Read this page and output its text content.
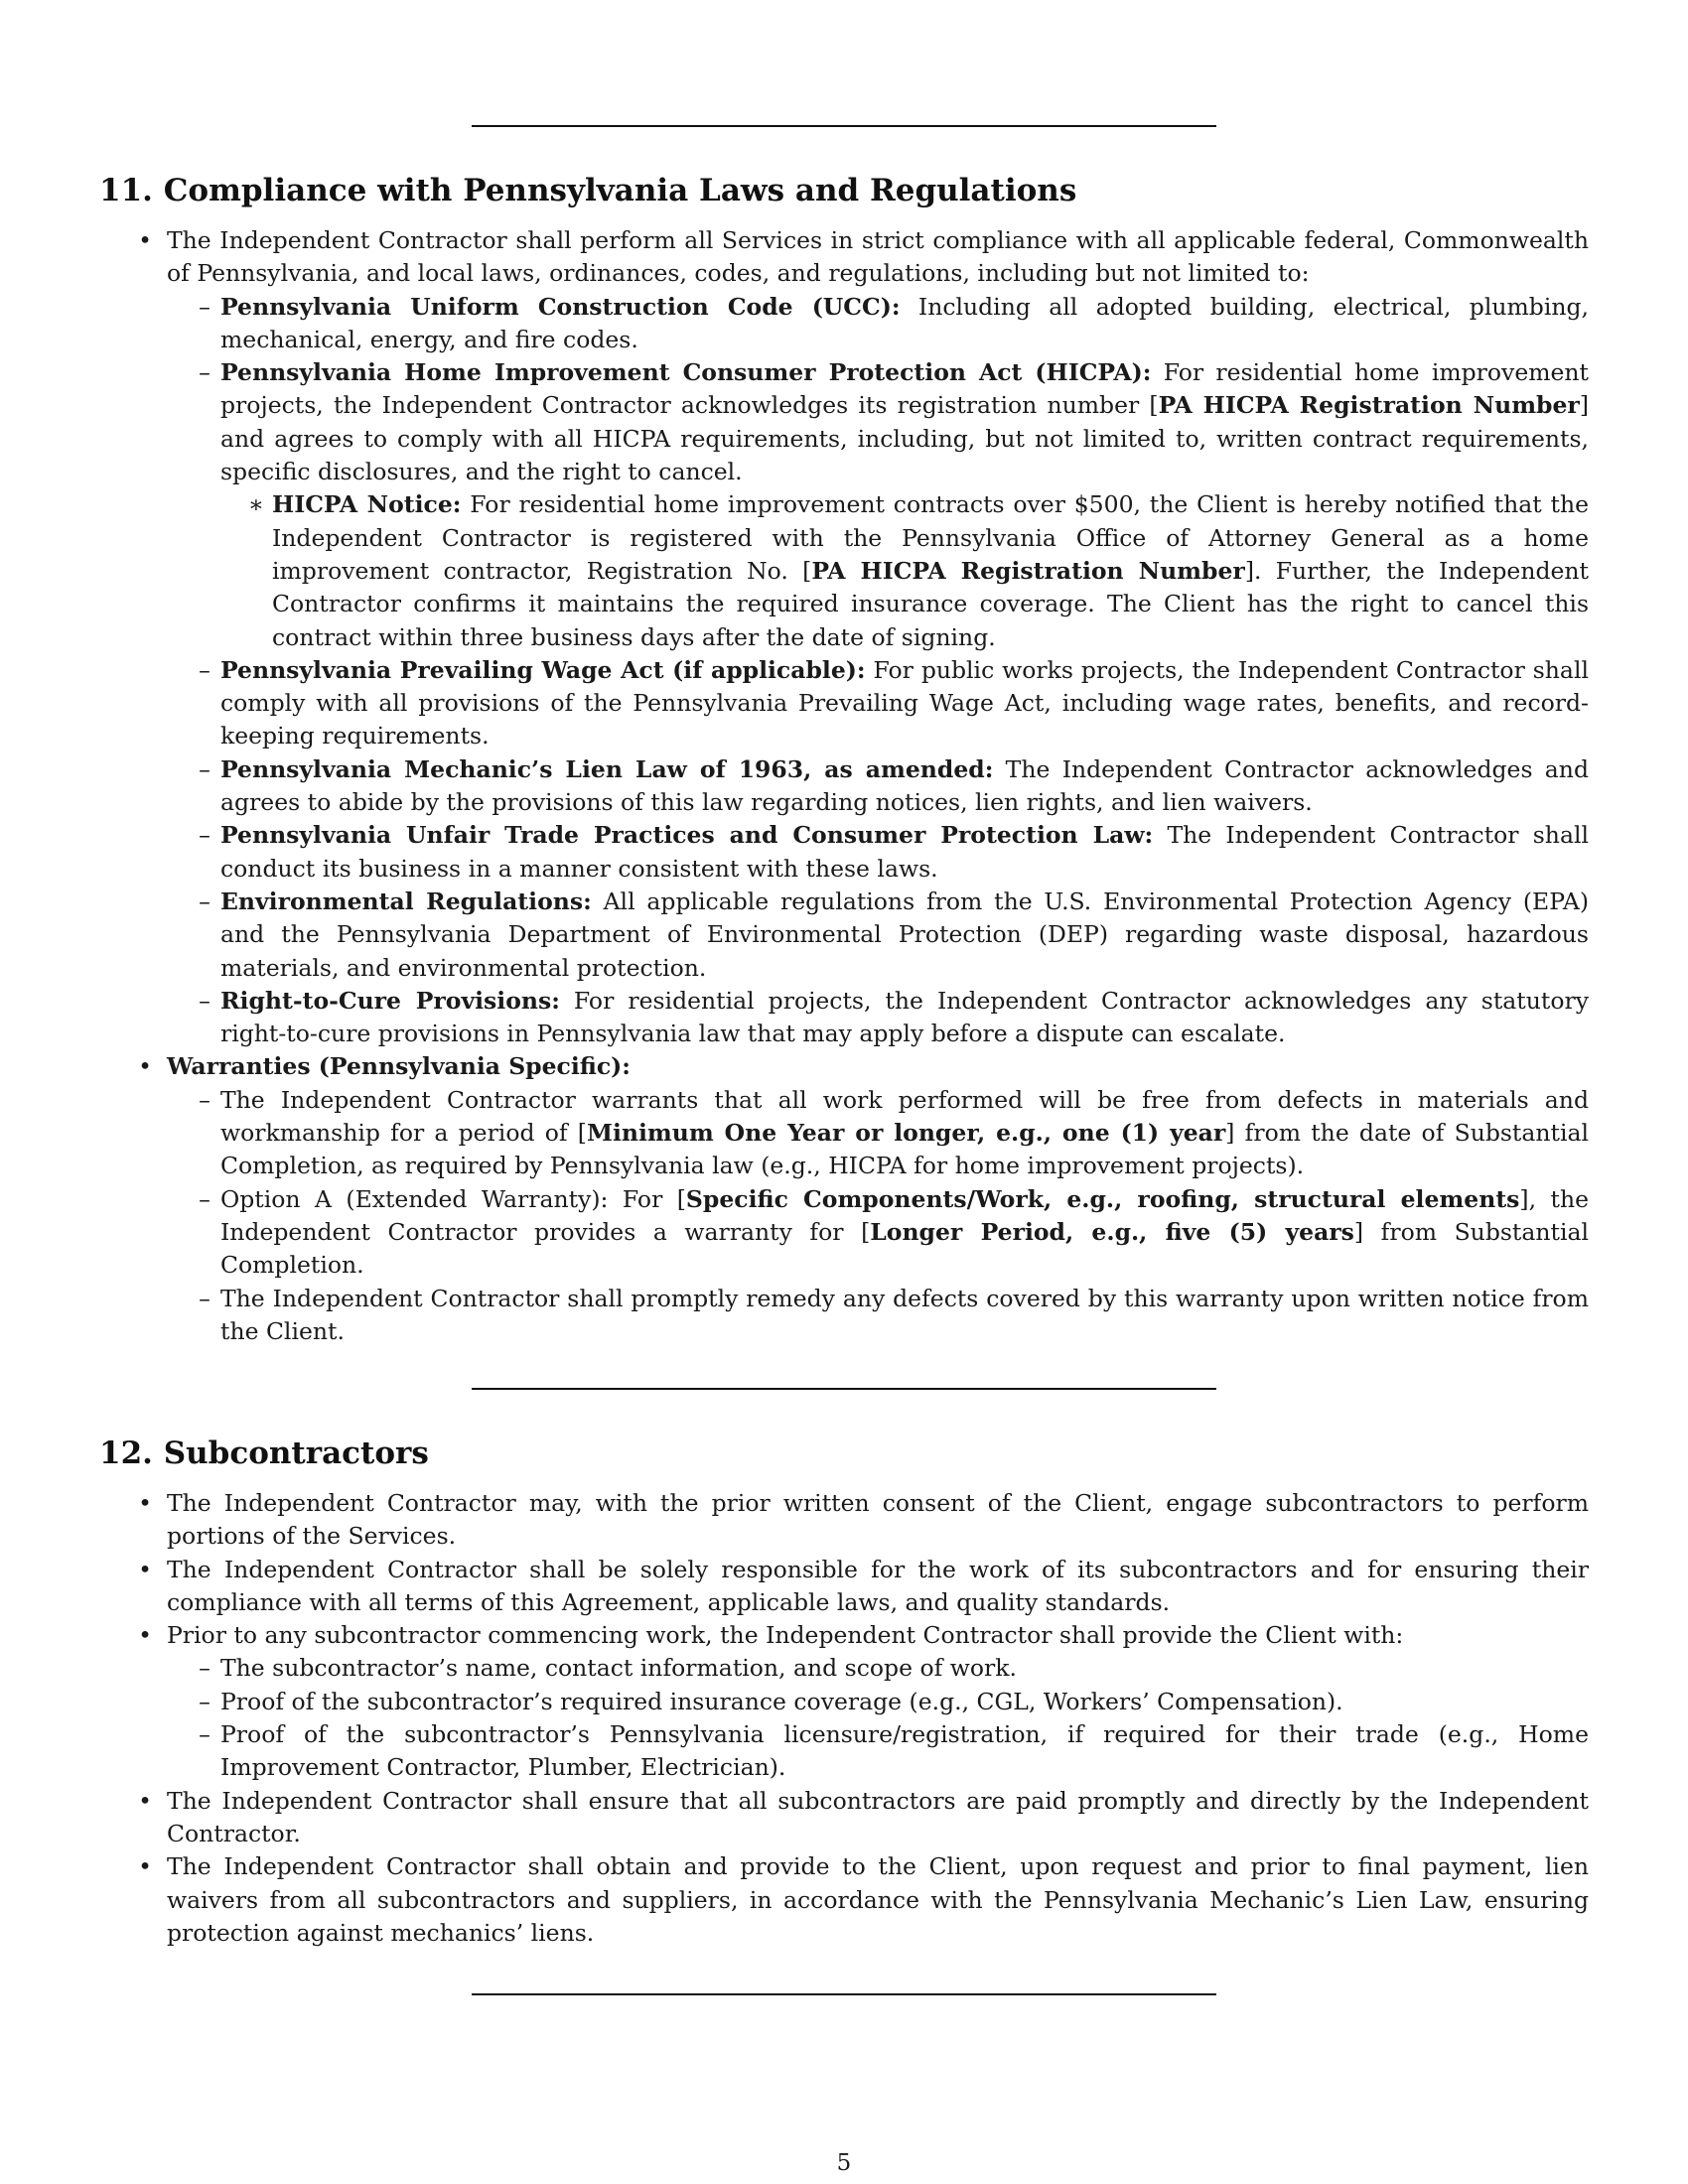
11. Compliance with Pennsylvania Laws and Regulations
• The Independent Contractor shall perform all Services in strict compliance with all applicable federal, Commonwealth of Pennsylvania, and local laws, ordinances, codes, and regulations, including but not limited to:
– Pennsylvania Uniform Construction Code (UCC): Including all adopted building, electrical, plumbing, mechanical, energy, and fire codes.
– Pennsylvania Home Improvement Consumer Protection Act (HICPA): For residential home improvement projects, the Independent Contractor acknowledges its registration number [PA HICPA Registration Number] and agrees to comply with all HICPA requirements, including, but not limited to, written contract requirements, specific disclosures, and the right to cancel.
∗ HICPA Notice: For residential home improvement contracts over $500, the Client is hereby notified that the Independent Contractor is registered with the Pennsylvania Office of Attorney General as a home improvement contractor, Registration No. [PA HICPA Registration Number]. Further, the Independent Contractor confirms it maintains the required insurance coverage. The Client has the right to cancel this contract within three business days after the date of signing.
– Pennsylvania Prevailing Wage Act (if applicable): For public works projects, the Independent Contractor shall comply with all provisions of the Pennsylvania Prevailing Wage Act, including wage rates, benefits, and record-keeping requirements.
– Pennsylvania Mechanic’s Lien Law of 1963, as amended: The Independent Contractor acknowledges and agrees to abide by the provisions of this law regarding notices, lien rights, and lien waivers.
– Pennsylvania Unfair Trade Practices and Consumer Protection Law: The Independent Contractor shall conduct its business in a manner consistent with these laws.
– Environmental Regulations: All applicable regulations from the U.S. Environmental Protection Agency (EPA) and the Pennsylvania Department of Environmental Protection (DEP) regarding waste disposal, hazardous materials, and environmental protection.
– Right-to-Cure Provisions: For residential projects, the Independent Contractor acknowledges any statutory right-to-cure provisions in Pennsylvania law that may apply before a dispute can escalate.
• Warranties (Pennsylvania Specific):
– The Independent Contractor warrants that all work performed will be free from defects in materials and workmanship for a period of [Minimum One Year or longer, e.g., one (1) year] from the date of Substantial Completion, as required by Pennsylvania law (e.g., HICPA for home improvement projects).
– Option A (Extended Warranty): For [Specific Components/Work, e.g., roofing, structural elements], the Independent Contractor provides a warranty for [Longer Period, e.g., five (5) years] from Substantial Completion.
– The Independent Contractor shall promptly remedy any defects covered by this warranty upon written notice from the Client.
12. Subcontractors
• The Independent Contractor may, with the prior written consent of the Client, engage subcontractors to perform portions of the Services.
• The Independent Contractor shall be solely responsible for the work of its subcontractors and for ensuring their compliance with all terms of this Agreement, applicable laws, and quality standards.
• Prior to any subcontractor commencing work, the Independent Contractor shall provide the Client with:
– The subcontractor’s name, contact information, and scope of work.
– Proof of the subcontractor’s required insurance coverage (e.g., CGL, Workers’ Compensation).
– Proof of the subcontractor’s Pennsylvania licensure/registration, if required for their trade (e.g., Home Improvement Contractor, Plumber, Electrician).
• The Independent Contractor shall ensure that all subcontractors are paid promptly and directly by the Independent Contractor.
• The Independent Contractor shall obtain and provide to the Client, upon request and prior to final payment, lien waivers from all subcontractors and suppliers, in accordance with the Pennsylvania Mechanic’s Lien Law, ensuring protection against mechanics’ liens.
5
